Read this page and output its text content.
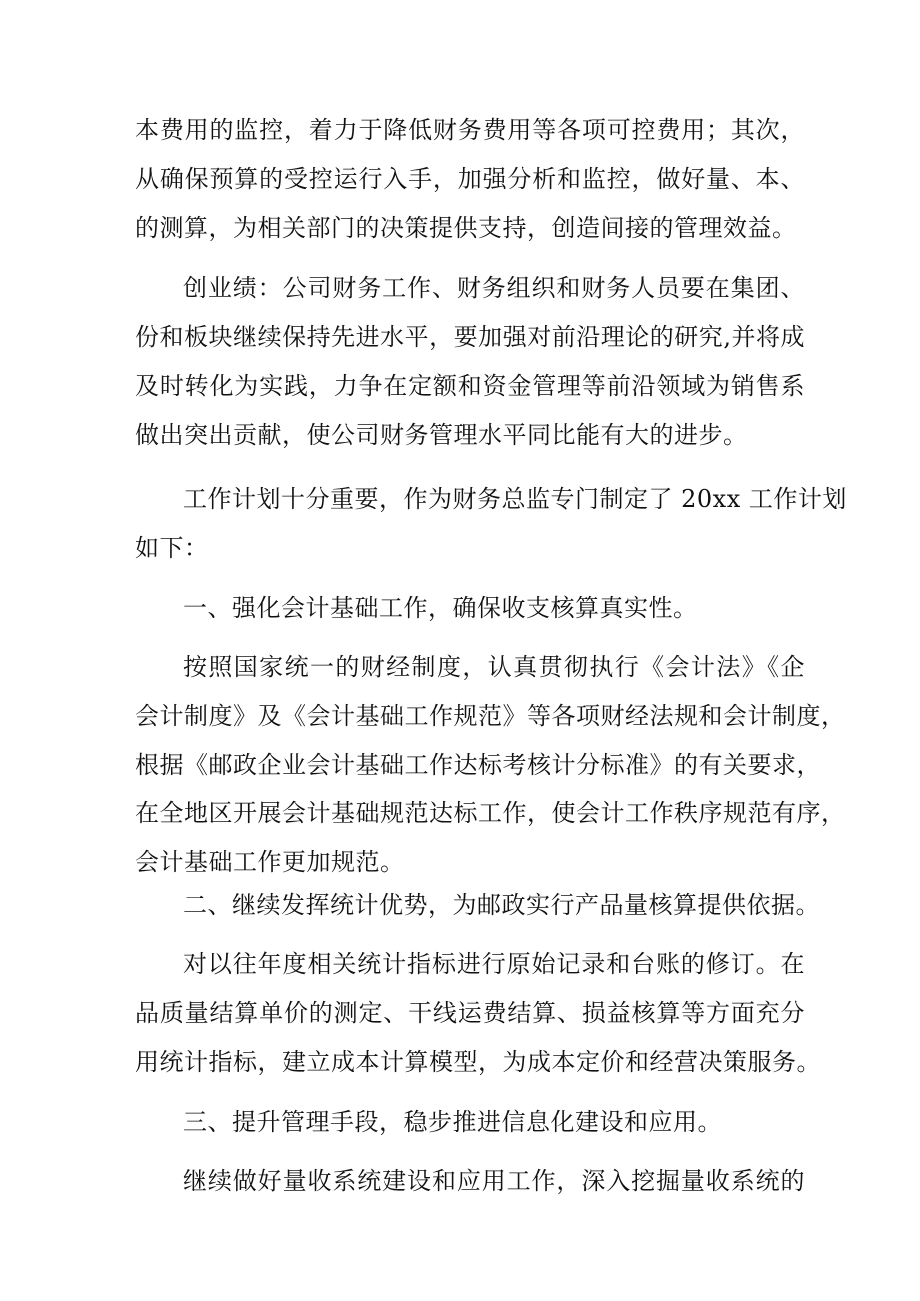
本费用的监控，着力于降低财务费用等各项可控费用；其次，
从确保预算的受控运行入手，加强分析和监控，做好量、本、
的测算，为相关部门的决策提供支持，创造间接的管理效益。
创业绩：公司财务工作、财务组织和财务人员要在集团、
份和板块继续保持先进水平，要加强对前沿理论的研究,并将成
及时转化为实践，力争在定额和资金管理等前沿领域为销售系
做出突出贡献，使公司财务管理水平同比能有大的进步。
工作计划十分重要，作为财务总监专门制定了 20xx 工作计划
如下：
一、强化会计基础工作，确保收支核算真实性。
按照国家统一的财经制度，认真贯彻执行《会计法》《企
会计制度》及《会计基础工作规范》等各项财经法规和会计制度，
根据《邮政企业会计基础工作达标考核计分标准》的有关要求，
在全地区开展会计基础规范达标工作，使会计工作秩序规范有序，
会计基础工作更加规范。
二、继续发挥统计优势，为邮政实行产品量核算提供依据。
对以往年度相关统计指标进行原始记录和台账的修订。在
品质量结算单价的测定、干线运费结算、损益核算等方面充分
用统计指标，建立成本计算模型，为成本定价和经营决策服务。
三、提升管理手段，稳步推进信息化建设和应用。
继续做好量收系统建设和应用工作，深入挖掘量收系统的
